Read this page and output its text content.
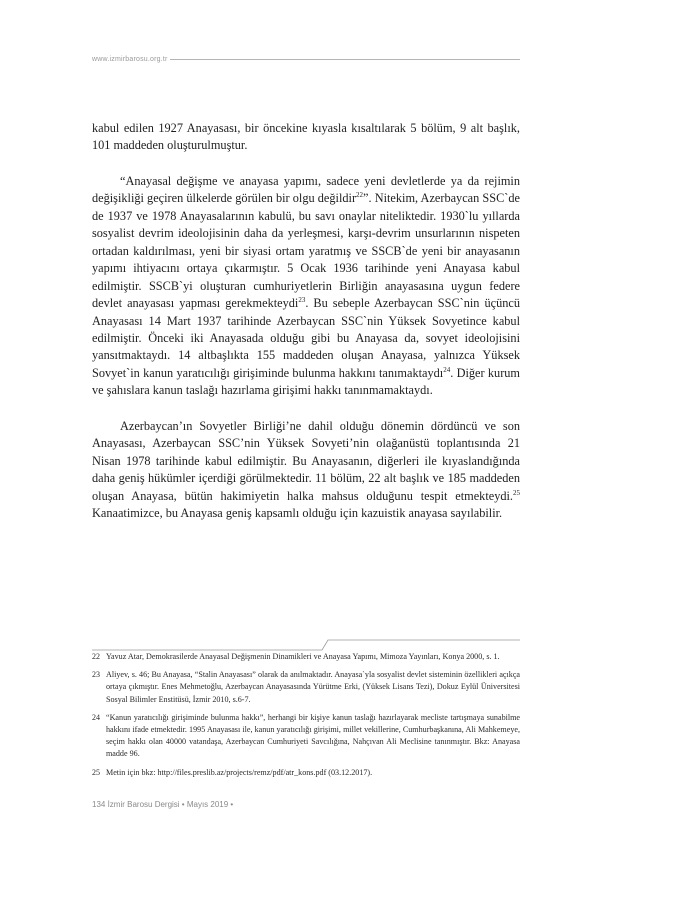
www.izmirbarosu.org.tr

kabul edilen 1927 Anayasası, bir öncekine kıyasla kısaltılarak 5 bölüm, 9 alt başlık, 101 maddeden oluşturulmuştur.

“Anayasal değişme ve anayasa yapımı, sadece yeni devletlerde ya da rejimin değişikliği geçiren ülkelerde görülen bir olgu değildir$^{22}$”. Nitekim, Azerbaycan SSC`de de 1937 ve 1978 Anayasalarının kabulü, bu savı onaylar niteliktedir. 1930`lu yıllarda sosyalist devrim ideolojisinin daha da yerleşmesi, karşı-devrim unsurlarının nispeten ortadan kaldırılması, yeni bir siyasi ortam yaratmış ve SSCB`de yeni bir anayasanın yapımı ihtiyacını ortaya çıkarmıştır. 5 Ocak 1936 tarihinde yeni Anayasa kabul edilmiştir. SSCB`yi oluşturan cumhuriyetlerin Birliğin anayasasına uygun federe devlet anayasası yapması gerekmekteydi$^{23}$. Bu sebeple Azerbaycan SSC`nin üçüncü Anayasası 14 Mart 1937 tarihinde Azerbaycan SSC`nin Yüksek Sovyetince kabul edilmiştir. Önceki iki Anayasada olduğu gibi bu Anayasa da, sovyet ideolojisini yansıtmaktaydı. 14 altbaşlıkta 155 maddeden oluşan Anayasa, yalnızca Yüksek Sovyet`in kanun yaratıcılığı girişiminde bulunma hakkını tanımaktaydı$^{24}$. Diğer kurum ve şahıslara kanun taslağı hazırlama girişimi hakkı tanınmamaktaydı.

Azerbaycan’ın Sovyetler Birliği’ne dahil olduğu dönemin dördüncü ve son Anayasası, Azerbaycan SSC’nin Yüksek Sovyeti’nin olağanüstü toplantısında 21 Nisan 1978 tarihinde kabul edilmiştir. Bu Anayasanın, diğerleri ile kıyaslandığında daha geniş hükümler içerdiği görülmektedir. 11 bölüm, 22 alt başlık ve 185 maddeden oluşan Anayasa, bütün hakimiyetin halka mahsus olduğunu tespit etmekteydi.$^{25}$ Kanaatimizce, bu Anayasa geniş kapsamlı olduğu için kazuistik anayasa sayılabilir.

22 Yavuz Atar, Demokrasilerde Anayasal Değişmenin Dinamikleri ve Anayasa Yapımı, Mimoza Yayınları, Konya 2000, s. 1.
23 Aliyev, s. 46; Bu Anayasa, “Stalin Anayasası” olarak da anılmaktadır. Anayasa`yla sosyalist devlet sisteminin özellikleri açıkça ortaya çıkmıştır. Enes Mehmetoğlu, Azerbaycan Anayasasında Yürütme Erki, (Yüksek Lisans Tezi), Dokuz Eylül Üniversitesi Sosyal Bilimler Enstitüsü, İzmir 2010, s.6-7.
24 “Kanun yaratıcılığı girişiminde bulunma hakkı”, herhangi bir kişiye kanun taslağı hazırlayarak mecliste tartışmaya sunabilme hakkını ifade etmektedir. 1995 Anayasası ile, kanun yaratıcılığı girişimi, millet vekillerine, Cumhurbaşkanına, Ali Mahkemeye, seçim hakkı olan 40000 vatandaşa, Azerbaycan Cumhuriyeti Savcılığına, Nahçıvan Ali Meclisine tanınmıştır. Bkz: Anayasa madde 96.
25 Metin için bkz: http://files.preslib.az/projects/remz/pdf/atr_kons.pdf (03.12.2017).
134 İzmir Barosu Dergisi • Mayıs 2019 •
